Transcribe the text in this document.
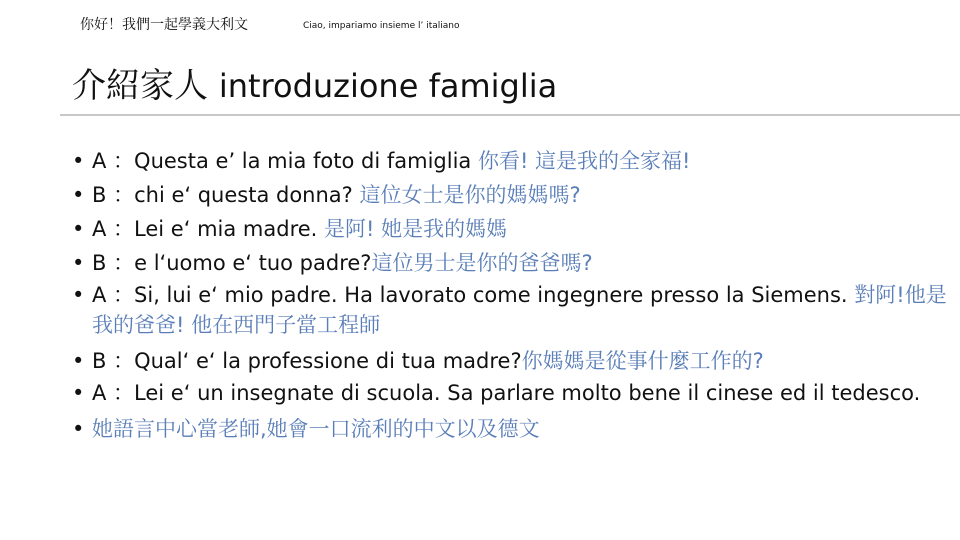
你好！我們一起學義大利文	Ciao, impariamo insieme l’ italiano
介紹家人 introduzione famiglia
• A ：Questa e’ la mia foto di famiglia 你看! 這是我的全家福!
• B ：chi e‘ questa donna? 這位女士是你的媽媽嗎?
• A ：Lei e‘ mia madre. 是阿! 她是我的媽媽
• B ：e l‘uomo e‘ tuo padre?這位男士是你的爸爸嗎?
• A ：Si, lui e‘ mio padre. Ha lavorato come ingegnere presso la Siemens. 對阿!他是我的爸爸! 他在西門子當工程師
• B ：Qual‘ e‘ la professione di tua madre?你媽媽是從事什麼工作的?
• A ：Lei e‘ un insegnate di scuola. Sa parlare molto bene il cinese ed il tedesco.
• 她語言中心當老師,她會一口流利的中文以及德文
